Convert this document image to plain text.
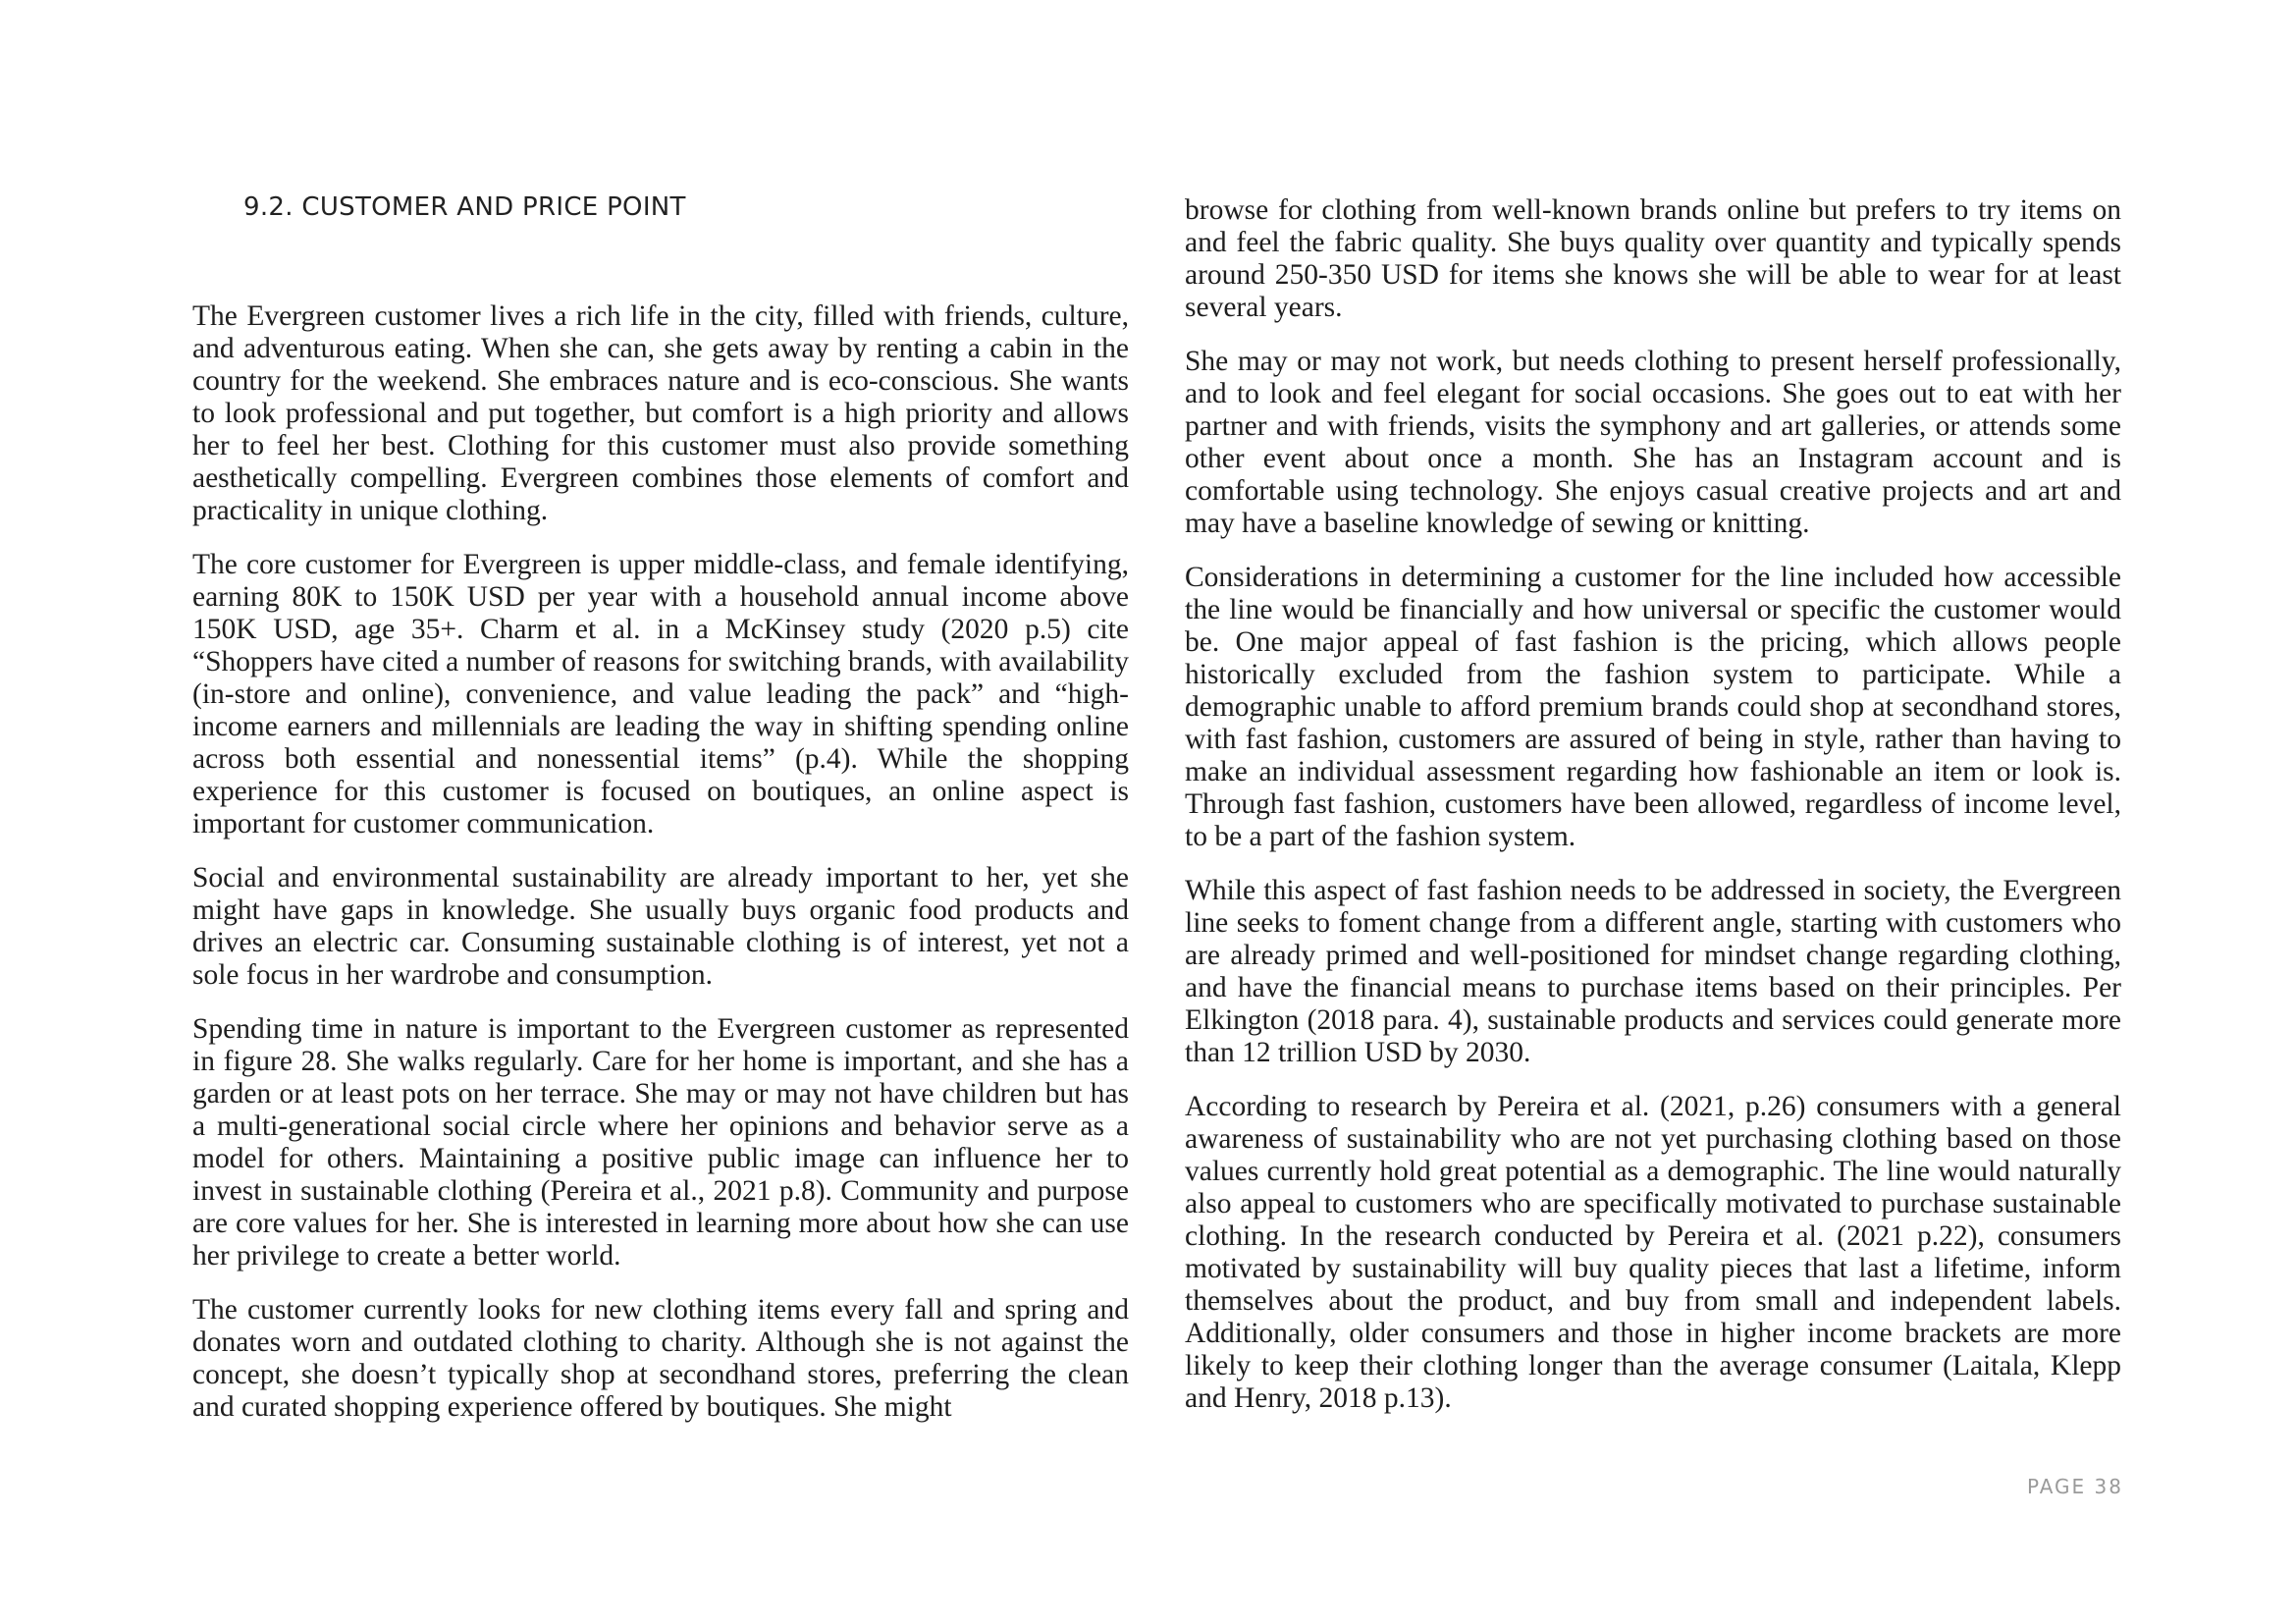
9.2. CUSTOMER AND PRICE POINT

The Evergreen customer lives a rich life in the city, filled with friends, culture, and adventurous eating. When she can, she gets away by renting a cabin in the country for the weekend. She embraces nature and is eco-conscious. She wants to look professional and put together, but comfort is a high priority and allows her to feel her best. Clothing for this customer must also provide something aesthetically compelling. Evergreen combines those elements of comfort and practicality in unique clothing.

The core customer for Evergreen is upper middle-class, and female identifying, earning 80K to 150K USD per year with a household annual income above 150K USD, age 35+. Charm et al. in a McKinsey study (2020 p.5) cite “Shoppers have cited a number of reasons for switching brands, with availability (in-store and online), convenience, and value leading the pack” and “high-income earners and millennials are leading the way in shifting spending online across both essential and nonessential items” (p.4). While the shopping experience for this customer is focused on boutiques, an online aspect is important for customer communication.

Social and environmental sustainability are already important to her, yet she might have gaps in knowledge. She usually buys organic food products and drives an electric car. Consuming sustainable clothing is of interest, yet not a sole focus in her wardrobe and consumption.

Spending time in nature is important to the Evergreen customer as represented in figure 28. She walks regularly. Care for her home is important, and she has a garden or at least pots on her terrace. She may or may not have children but has a multi-generational social circle where her opinions and behavior serve as a model for others. Maintaining a positive public image can influence her to invest in sustainable clothing (Pereira et al., 2021 p.8). Community and purpose are core values for her. She is interested in learning more about how she can use her privilege to create a better world.

The customer currently looks for new clothing items every fall and spring and donates worn and outdated clothing to charity. Although she is not against the concept, she doesn’t typically shop at secondhand stores, preferring the clean and curated shopping experience offered by boutiques. She might

browse for clothing from well-known brands online but prefers to try items on and feel the fabric quality. She buys quality over quantity and typically spends around 250-350 USD for items she knows she will be able to wear for at least several years.

She may or may not work, but needs clothing to present herself professionally, and to look and feel elegant for social occasions. She goes out to eat with her partner and with friends, visits the symphony and art galleries, or attends some other event about once a month. She has an Instagram account and is comfortable using technology. She enjoys casual creative projects and art and may have a baseline knowledge of sewing or knitting.

Considerations in determining a customer for the line included how accessible the line would be financially and how universal or specific the customer would be. One major appeal of fast fashion is the pricing, which allows people historically excluded from the fashion system to participate. While a demographic unable to afford premium brands could shop at secondhand stores, with fast fashion, customers are assured of being in style, rather than having to make an individual assessment regarding how fashionable an item or look is. Through fast fashion, customers have been allowed, regardless of income level, to be a part of the fashion system.

While this aspect of fast fashion needs to be addressed in society, the Evergreen line seeks to foment change from a different angle, starting with customers who are already primed and well-positioned for mindset change regarding clothing, and have the financial means to purchase items based on their principles. Per Elkington (2018 para. 4), sustainable products and services could generate more than 12 trillion USD by 2030.

According to research by Pereira et al. (2021, p.26) consumers with a general awareness of sustainability who are not yet purchasing clothing based on those values currently hold great potential as a demographic. The line would naturally also appeal to customers who are specifically motivated to purchase sustainable clothing. In the research conducted by Pereira et al. (2021 p.22), consumers motivated by sustainability will buy quality pieces that last a lifetime, inform themselves about the product, and buy from small and independent labels. Additionally, older consumers and those in higher income brackets are more likely to keep their clothing longer than the average consumer (Laitala, Klepp and Henry, 2018 p.13).

PAGE 38
